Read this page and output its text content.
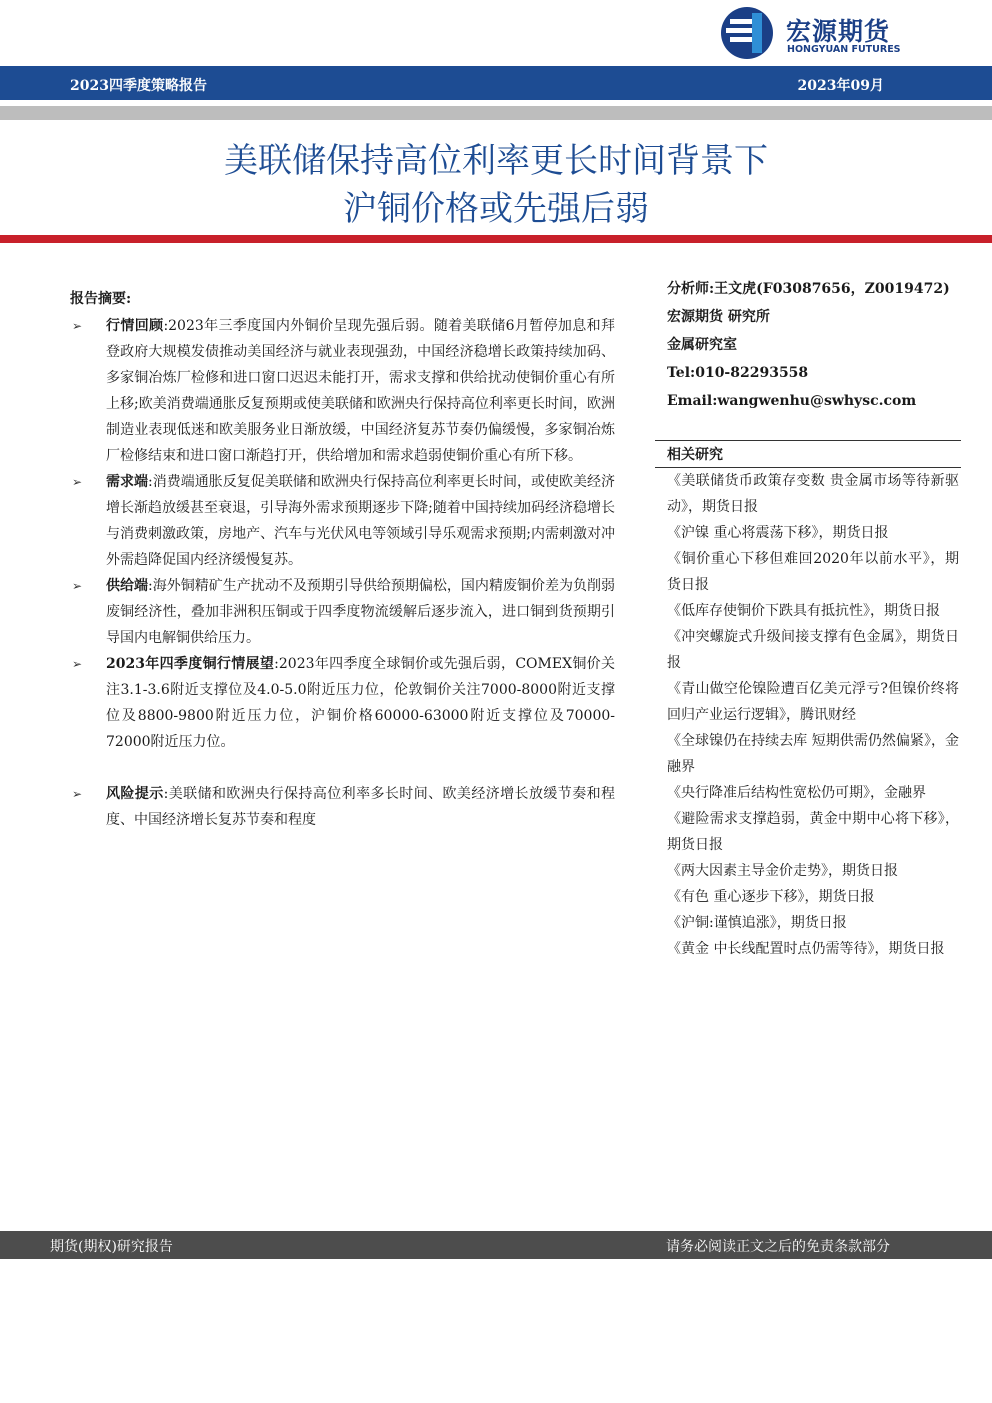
宏源期货
HONGYUAN FUTURES
2023四季度策略报告	2023年09月
美联储保持高位利率更长时间背景下
沪铜价格或先强后弱
报告摘要:
➢ 行情回顾:2023年三季度国内外铜价呈现先强后弱。随着美联储6月暂停加息和拜登政府大规模发债推动美国经济与就业表现强劲，中国经济稳增长政策持续加码、多家铜冶炼厂检修和进口窗口迟迟未能打开，需求支撑和供给扰动使铜价重心有所上移;欧美消费端通胀反复预期或使美联储和欧洲央行保持高位利率更长时间，欧洲制造业表现低迷和欧美服务业日渐放缓，中国经济复苏节奏仍偏缓慢，多家铜冶炼厂检修结束和进口窗口渐趋打开，供给增加和需求趋弱使铜价重心有所下移。
➢ 需求端:消费端通胀反复促美联储和欧洲央行保持高位利率更长时间，或使欧美经济增长渐趋放缓甚至衰退，引导海外需求预期逐步下降;随着中国持续加码经济稳增长与消费刺激政策，房地产、汽车与光伏风电等领域引导乐观需求预期;内需刺激对冲外需趋降促国内经济缓慢复苏。
➢ 供给端:海外铜精矿生产扰动不及预期引导供给预期偏松，国内精废铜价差为负削弱废铜经济性，叠加非洲积压铜或于四季度物流缓解后逐步流入，进口铜到货预期引导国内电解铜供给压力。
➢ 2023年四季度铜行情展望:2023年四季度全球铜价或先强后弱，COMEX铜价关注3.1-3.6附近支撑位及4.0-5.0附近压力位，伦敦铜价关注7000-8000附近支撑位及8800-9800附近压力位，沪铜价格60000-63000附近支撑位及70000-72000附近压力位。
➢ 风险提示:美联储和欧洲央行保持高位利率多长时间、欧美经济增长放缓节奏和程度、中国经济增长复苏节奏和程度
分析师:王文虎(F03087656，Z0019472)
宏源期货 研究所
金属研究室
Tel:010-82293558
Email:wangwenhu@swhysc.com
相关研究
《美联储货币政策存变数 贵金属市场等待新驱动》，期货日报
《沪镍 重心将震荡下移》，期货日报
《铜价重心下移但难回2020年以前水平》，期货日报
《低库存使铜价下跌具有抵抗性》，期货日报
《冲突螺旋式升级间接支撑有色金属》，期货日报
《青山做空伦镍险遭百亿美元浮亏?但镍价终将回归产业运行逻辑》，腾讯财经
《全球镍仍在持续去库 短期供需仍然偏紧》，金融界
《央行降准后结构性宽松仍可期》，金融界
《避险需求支撑趋弱，黄金中期中心将下移》，期货日报
《两大因素主导金价走势》，期货日报
《有色 重心逐步下移》，期货日报
《沪铜:谨慎追涨》，期货日报
《黄金 中长线配置时点仍需等待》，期货日报
期货(期权)研究报告	请务必阅读正文之后的免责条款部分
